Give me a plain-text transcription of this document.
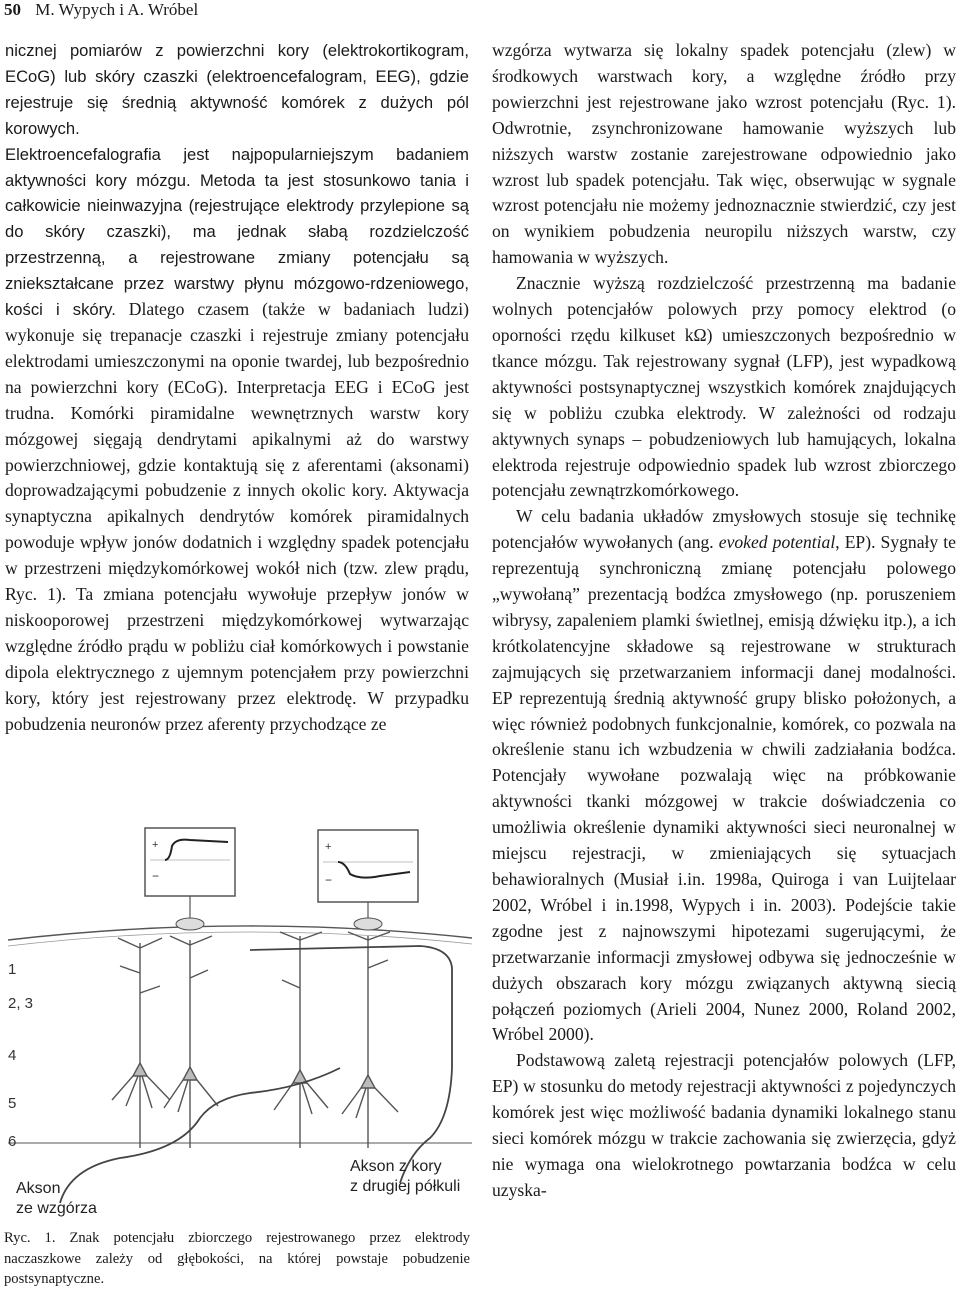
50 M. Wypych i A. Wróbel

nicznej pomiarów z powierzchni kory (elektrokortikogram, ECoG) lub skóry czaszki (elektroencefalogram, EEG), gdzie rejestruje się średnią aktywność komórek z dużych pól korowych.

Elektroencefalografia jest najpopularniejszym badaniem aktywności kory mózgu. Metoda ta jest stosunkowo tania i całkowicie nieinwazyjna (rejestrujące elektrody przylepione są do skóry czaszki), ma jednak słabą rozdzielczość przestrzenną, a rejestrowane zmiany potencjału są zniekształcane przez warstwy płynu mózgowo-rdzeniowego, kości i skóry. Dlatego czasem (także w badaniach ludzi) wykonuje się trepanacje czaszki i rejestruje zmiany potencjału elektrodami umieszczonymi na oponie twardej, lub bezpośrednio na powierzchni kory (ECoG). Interpretacja EEG i ECoG jest trudna. Komórki piramidalne wewnętrznych warstw kory mózgowej sięgają dendrytami apikalnymi aż do warstwy powierzchniowej, gdzie kontaktują się z aferentami (aksonami) doprowadzającymi pobudzenie z innych okolic kory. Aktywacja synaptyczna apikalnych dendrytów komórek piramidalnych powoduje wpływ jonów dodatnich i względny spadek potencjału w przestrzeni międzykomórkowej wokół nich (tzw. zlew prądu, Ryc. 1). Ta zmiana potencjału wywołuje przepływ jonów w niskooporowej przestrzeni międzykomórkowej wytwarzając względne źródło prądu w pobliżu ciał komórkowych i powstanie dipola elektrycznego z ujemnym potencjałem przy powierzchni kory, który jest rejestrowany przez elektrodę. W przypadku pobudzenia neuronów przez aferenty przychodzące ze

wzgórza wytwarza się lokalny spadek potencjału (zlew) w środkowych warstwach kory, a względne źródło przy powierzchni jest rejestrowane jako wzrost potencjału (Ryc. 1). Odwrotnie, zsynchronizowane hamowanie wyższych lub niższych warstw zostanie zarejestrowane odpowiednio jako wzrost lub spadek potencjału. Tak więc, obserwując w sygnale wzrost potencjału nie możemy jednoznacznie stwierdzić, czy jest on wynikiem pobudzenia neuropilu niższych warstw, czy hamowania w wyższych.

Znacznie wyższą rozdzielczość przestrzenną ma badanie wolnych potencjałów polowych przy pomocy elektrod (o oporności rzędu kilkuset kΩ) umieszczonych bezpośrednio w tkance mózgu. Tak rejestrowany sygnał (LFP), jest wypadkową aktywności postsynaptycznej wszystkich komórek znajdujących się w pobliżu czubka elektrody. W zależności od rodzaju aktywnych synaps – pobudzeniowych lub hamujących, lokalna elektroda rejestruje odpowiednio spadek lub wzrost zbiorczego potencjału zewnątrzkomórkowego.

W celu badania układów zmysłowych stosuje się technikę potencjałów wywołanych (ang. evoked potential, EP). Sygnały te reprezentują synchroniczną zmianę potencjału polowego „wywołaną” prezentacją bodźca zmysłowego (np. poruszeniem wibrysy, zapaleniem plamki świetlnej, emisją dźwięku itp.), a ich krótkolatencyjne składowe są rejestrowane w strukturach zajmujących się przetwarzaniem informacji danej modalności. EP reprezentują średnią aktywność grupy blisko położonych, a więc również podobnych funkcjonalnie, komórek, co pozwala na określenie stanu ich wzbudzenia w chwili zadziałania bodźca. Potencjały wywołane pozwalają więc na próbkowanie aktywności tkanki mózgowej w trakcie doświadczenia co umożliwia określenie dynamiki aktywności sieci neuronalnej w miejscu rejestracji, w zmieniających się sytuacjach behawioralnych (Musiał i.in. 1998a, Quiroga i van Luijtelaar 2002, Wróbel i in.1998, Wypych i in. 2003). Podejście takie zgodne jest z najnowszymi hipotezami sugerującymi, że przetwarzanie informacji zmysłowej odbywa się jednocześnie w dużych obszarach kory mózgu związanych aktywną siecią połączeń poziomych (Arieli 2004, Nunez 2000, Roland 2002, Wróbel 2000).

Podstawową zaletą rejestracji potencjałów polowych (LFP, EP) w stosunku do metody rejestracji aktywności z pojedynczych komórek jest więc możliwość badania dynamiki lokalnego stanu sieci komórek mózgu w trakcie zachowania się zwierzęcia, gdyż nie wymaga ona wielokrotnego powtarzania bodźca w celu uzyska-

+
−
+
−
1
2, 3
4
5
6
Akson
ze wzgórza
Akson z kory
z drugiej półkuli
Ryc. 1. Znak potencjału zbiorczego rejestrowanego przez elektrody naczaszkowe zależy od głębokości, na której powstaje pobudzenie postsynaptyczne.
